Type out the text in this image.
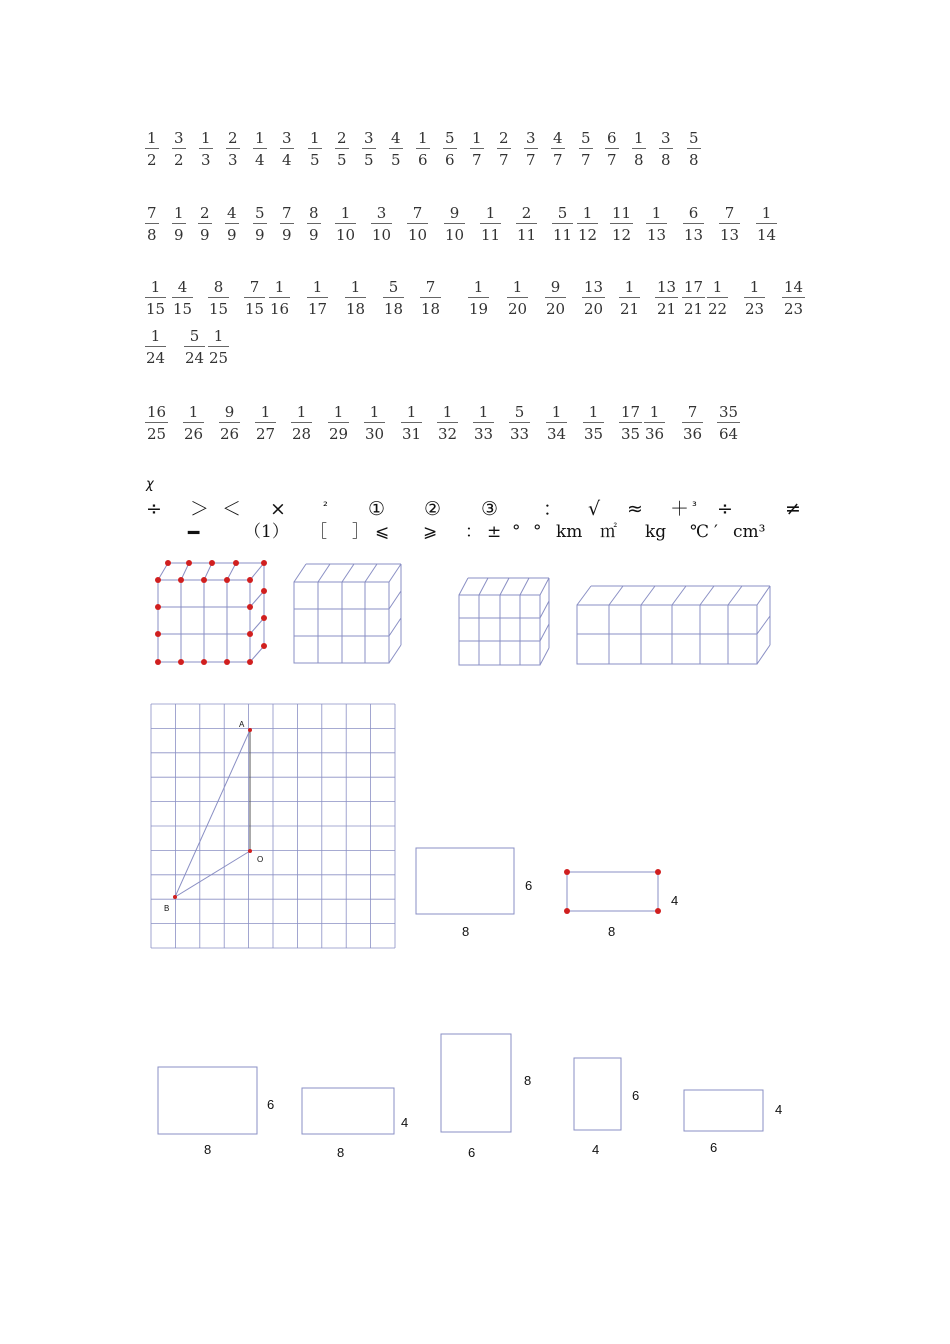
1
2
3
2
1
3
2
3
1
4
3
4
1
5
2
5
3
5
4
5
1
6
5
6
1
7
2
7
3
7
4
7
5
7
6
7
1
8
3
8
5
8
7
8
1
9
2
9
4
9
5
9
7
9
8
9
1
10
3
10
7
10
9
10
1
11
2
11
5
11
1
12
11
12
1
13
6
13
7
13
1
14
1
15
4
15
8
15
7
15
1
16
1
17
1
18
5
18
7
18
1
19
1
20
9
20
13
20
1
21
13
21
17
21
1
22
1
23
14
23
1
24
5
24
1
25
16
25
1
26
9
26
1
27
1
28
1
29
1
30
1
31
1
32
1
33
5
33
1
34
1
35
17
35
1
36
7
36
35
64
χ
÷ ＞ ＜ ×	² ① ② ③ ： √ ≈ ＋ ³ ÷	≠
━	（1） ［ ］ ⩽ ⩾ ： ± ° ° km ㎡ kg ℃ ′ cm³
A
O
B
6
8
4
8
6
8
4
8
8
6
6
4
4
6
